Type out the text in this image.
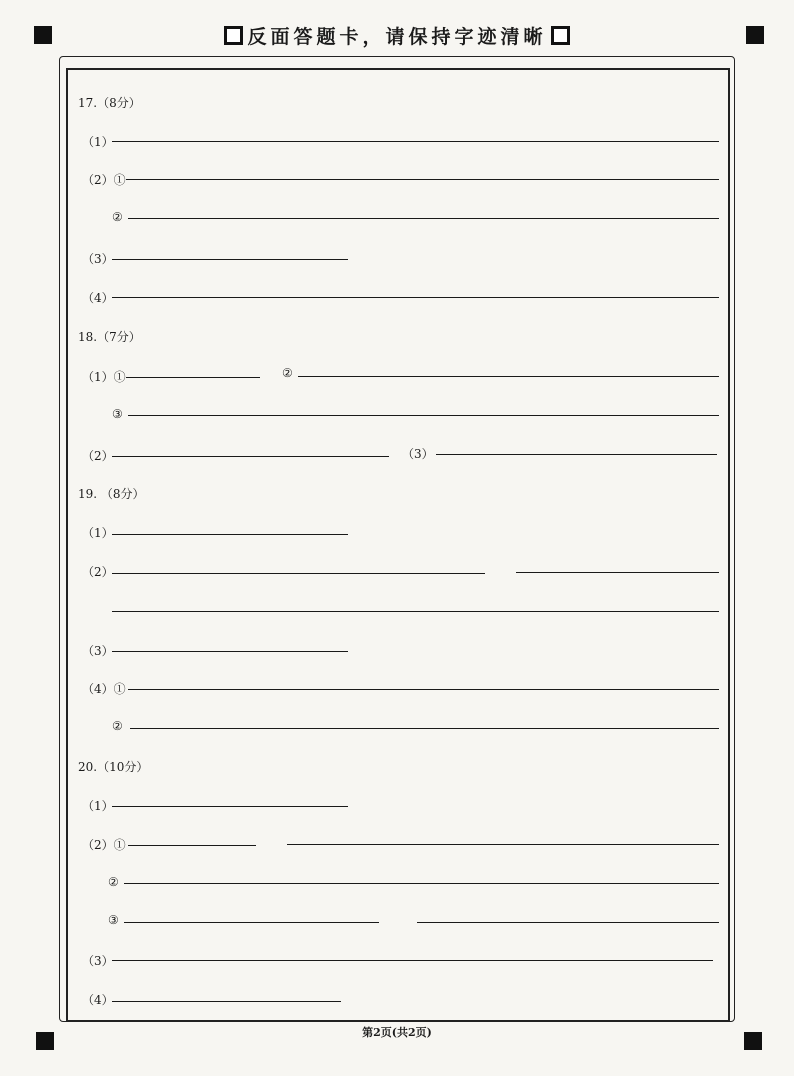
反面答题卡，请保持字迹清晰
17.（8分）
（1）
（2）①
②
（3）
（4）
18.（7分）
（1）①	②
③
（2）	（3）
19. （8分）
（1）
（2）
（3）
（4）①
②
20.（10分）
（1）
（2）①
②
③
（3）
（4）
第2页(共2页)
